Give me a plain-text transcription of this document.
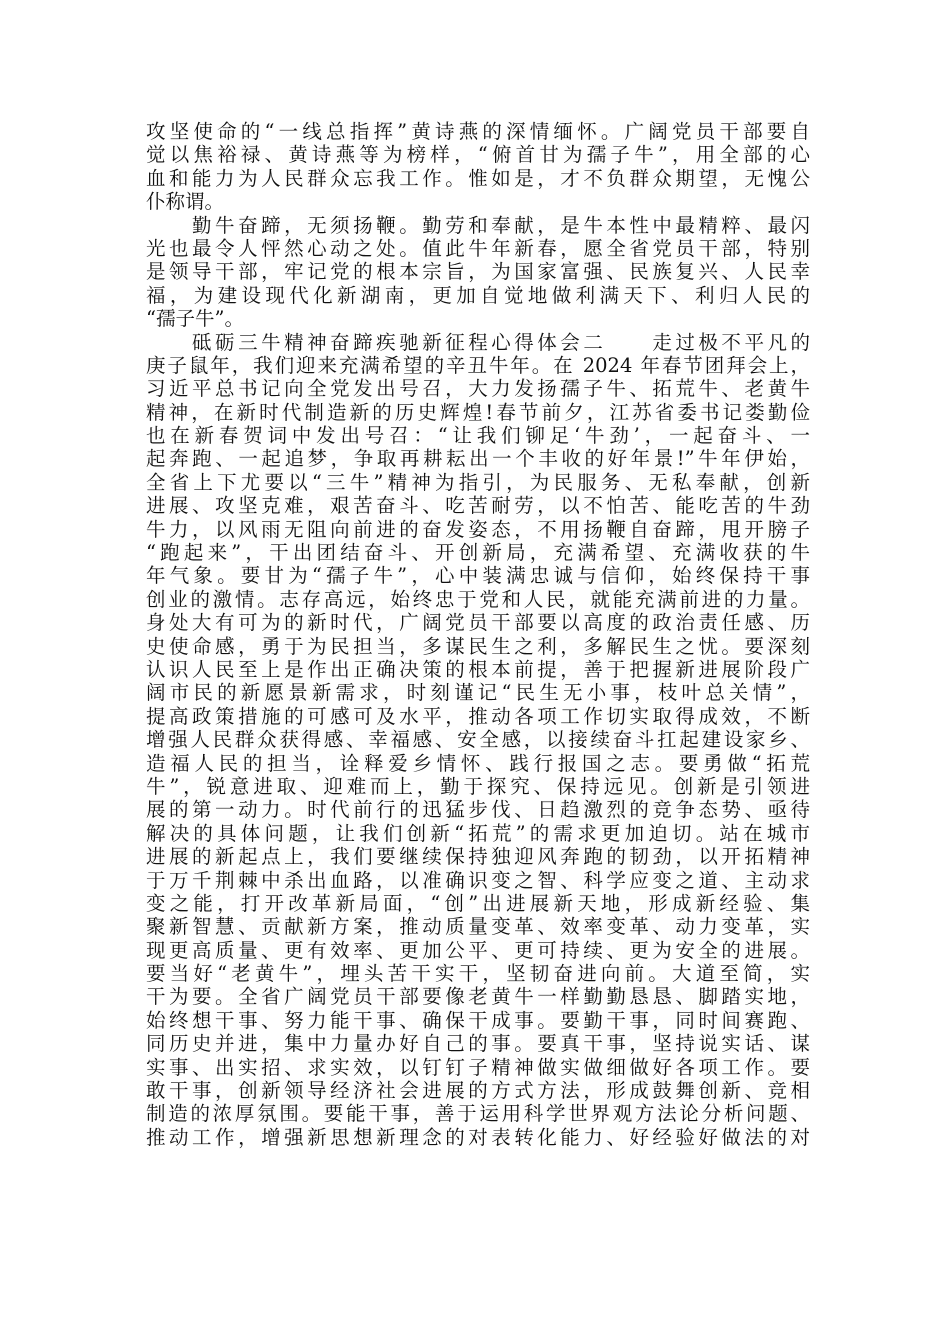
攻坚使命的“一线总指挥”黄诗燕的深情缅怀。广阔党员干部要自
觉以焦裕禄、黄诗燕等为榜样，“俯首甘为孺子牛”，用全部的心
血和能力为人民群众忘我工作。惟如是，才不负群众期望，无愧公
仆称谓。
　　勤牛奋蹄，无须扬鞭。勤劳和奉献，是牛本性中最精粹、最闪
光也最令人怦然心动之处。值此牛年新春，愿全省党员干部，特别
是领导干部，牢记党的根本宗旨，为国家富强、民族复兴、人民幸
福，为建设现代化新湖南，更加自觉地做利满天下、利归人民的
“孺子牛”。
　　砥砺三牛精神奋蹄疾驰新征程心得体会二　　走过极不平凡的
庚子鼠年，我们迎来充满希望的辛丑牛年。在 2024 年春节团拜会上，
习近平总书记向全党发出号召，大力发扬孺子牛、拓荒牛、老黄牛
精神，在新时代制造新的历史辉煌!春节前夕，江苏省委书记娄勤俭
也在新春贺词中发出号召：“让我们铆足‘牛劲’，一起奋斗、一
起奔跑、一起追梦，争取再耕耘出一个丰收的好年景!”牛年伊始，
全省上下尤要以“三牛”精神为指引，为民服务、无私奉献，创新
进展、攻坚克难，艰苦奋斗、吃苦耐劳，以不怕苦、能吃苦的牛劲
牛力，以风雨无阻向前进的奋发姿态，不用扬鞭自奋蹄，甩开膀子
“跑起来”，干出团结奋斗、开创新局，充满希望、充满收获的牛
年气象。要甘为“孺子牛”，心中装满忠诚与信仰，始终保持干事
创业的激情。志存高远，始终忠于党和人民，就能充满前进的力量。
身处大有可为的新时代，广阔党员干部要以高度的政治责任感、历
史使命感，勇于为民担当，多谋民生之利，多解民生之忧。要深刻
认识人民至上是作出正确决策的根本前提，善于把握新进展阶段广
阔市民的新愿景新需求，时刻谨记“民生无小事，枝叶总关情”，
提高政策措施的可感可及水平，推动各项工作切实取得成效，不断
增强人民群众获得感、幸福感、安全感，以接续奋斗扛起建设家乡、
造福人民的担当，诠释爱乡情怀、践行报国之志。要勇做“拓荒
牛”，锐意进取、迎难而上，勤于探究、保持远见。创新是引领进
展的第一动力。时代前行的迅猛步伐、日趋激烈的竞争态势、亟待
解决的具体问题，让我们创新“拓荒”的需求更加迫切。站在城市
进展的新起点上，我们要继续保持独迎风奔跑的韧劲，以开拓精神
于万千荆棘中杀出血路，以准确识变之智、科学应变之道、主动求
变之能，打开改革新局面，“创”出进展新天地，形成新经验、集
聚新智慧、贡献新方案，推动质量变革、效率变革、动力变革，实
现更高质量、更有效率、更加公平、更可持续、更为安全的进展。
要当好“老黄牛”，埋头苦干实干，坚韧奋进向前。大道至简，实
干为要。全省广阔党员干部要像老黄牛一样勤勤恳恳、脚踏实地，
始终想干事、努力能干事、确保干成事。要勤干事，同时间赛跑、
同历史并进，集中力量办好自己的事。要真干事，坚持说实话、谋
实事、出实招、求实效，以钉钉子精神做实做细做好各项工作。要
敢干事，创新领导经济社会进展的方式方法，形成鼓舞创新、竞相
制造的浓厚氛围。要能干事，善于运用科学世界观方法论分析问题、
推动工作，增强新思想新理念的对表转化能力、好经验好做法的对
